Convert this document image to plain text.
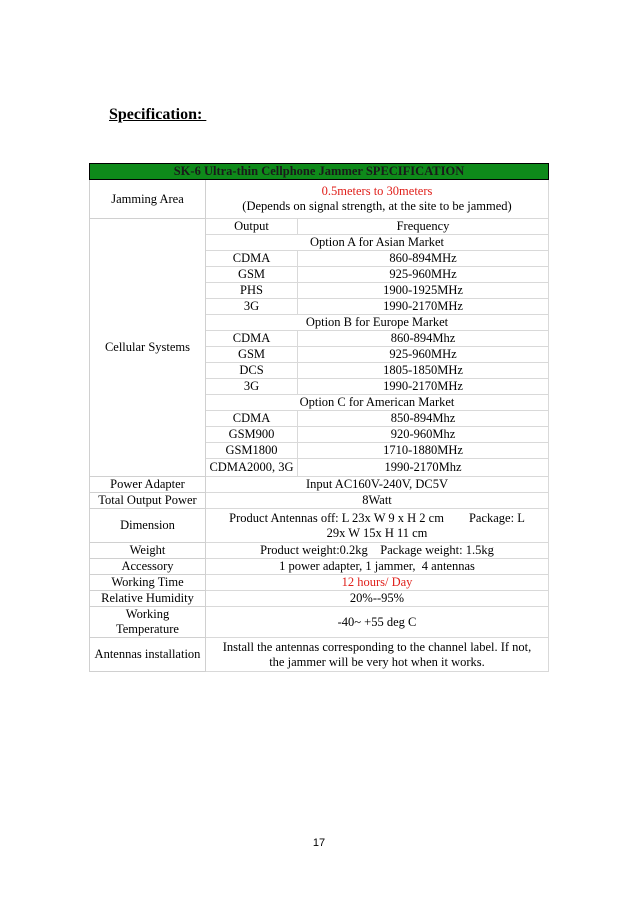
Specification:
SK-6 Ultra-thin Cellphone Jammer SPECIFICATION		
Jamming Area	0.5meters to 30meters
(Depends on signal strength, at the site to be jammed)	

Cellular Systems	Output	Frequency
	Option A for Asian Market	
	CDMA	860-894MHz
	GSM	925-960MHz
	PHS	1900-1925MHz
	3G	1990-2170MHz
	Option B for Europe Market	
	CDMA	860-894Mhz
	GSM	925-960MHz
	DCS	1805-1850MHz
	3G	1990-2170MHz
	Option C for American Market	
	CDMA	850-894Mhz
	GSM900	920-960Mhz
	GSM1800	1710-1880MHz
	CDMA2000, 3G	1990-2170Mhz
Power Adapter	Input AC160V-240V, DC5V	
Total Output Power	8Watt	
Dimension	Product Antennas off: L 23x W 9 x H 2 cm        Package: L
29x W 15x H 11 cm	

Weight	Product weight:0.2kg    Package weight: 1.5kg	
Accessory	1 power adapter, 1 jammer,  4 antennas	
Working Time	12 hours/ Day	
Relative Humidity	20%--95%	

Working
Temperature	-40~ +55 deg C	
Antennas installation	Install the antennas corresponding to the channel label. If not,
the jammer will be very hot when it works.	
17
